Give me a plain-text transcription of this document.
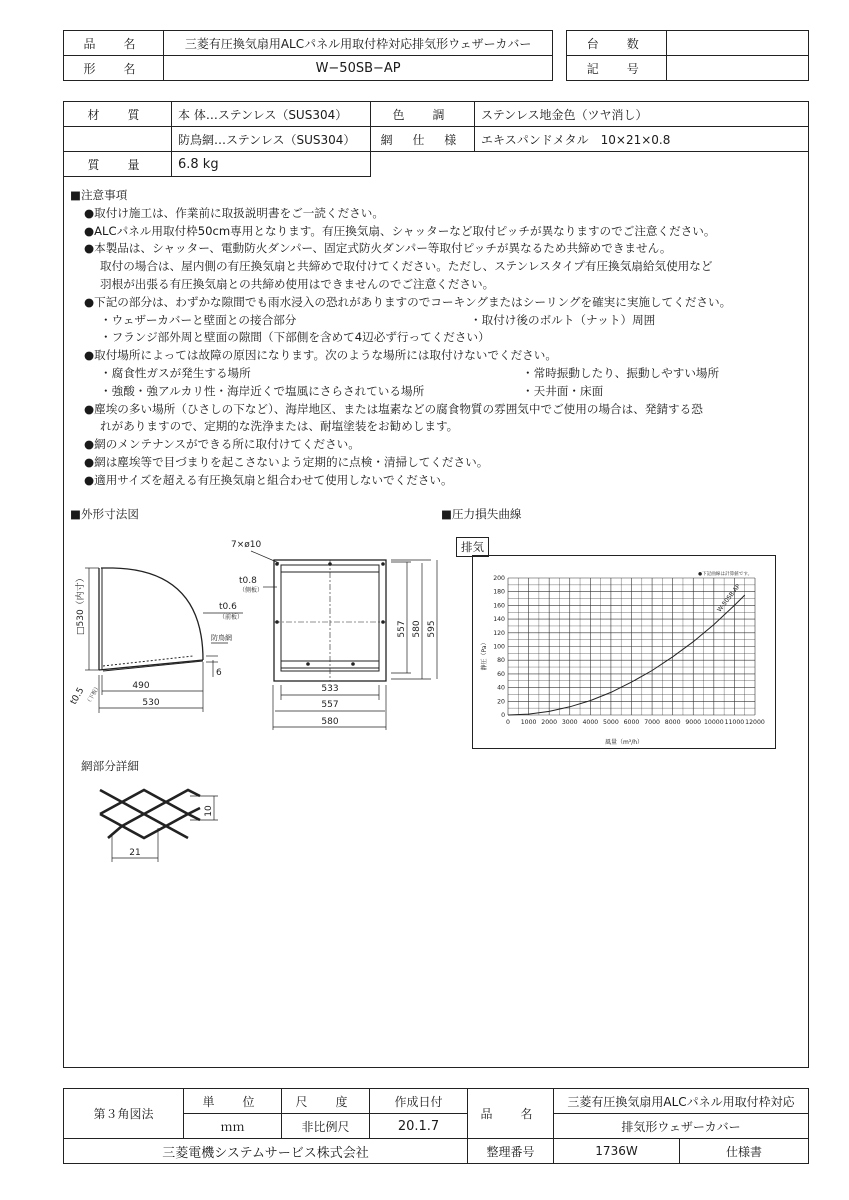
品　名	三菱有圧換気扇用ALCパネル用取付枠対応排気形ウェザーカバー		台　数	
形　名	W−50SB−AP		記　号	
材　質	本 体…ステンレス（SUS304）	色　調	ステンレス地金色（ツヤ消し）
	防鳥網…ステンレス（SUS304）	網 仕 様	エキスパンドメタル　10×21×0.8
質　量	6.8 kg		
■注意事項
●取付け施工は、作業前に取扱説明書をご一読ください。
●ALCパネル用取付枠50cm専用となります。有圧換気扇、シャッターなど取付ピッチが異なりますのでご注意ください。
●本製品は、シャッター、電動防火ダンパー、固定式防火ダンパー等取付ピッチが異なるため共締めできません。
取付の場合は、屋内側の有圧換気扇と共締めで取付けてください。ただし、ステンレスタイプ有圧換気扇給気使用など
羽根が出張る有圧換気扇との共締め使用はできませんのでご注意ください。
●下記の部分は、わずかな隙間でも雨水浸入の恐れがありますのでコーキングまたはシーリングを確実に実施してください。
・ウェザーカバーと壁面との接合部分	・取付け後のボルト（ナット）周囲
・フランジ部外周と壁面の隙間（下部側を含めて4辺必ず行ってください）
●取付場所によっては故障の原因になります。次のような場所には取付けないでください。
・腐食性ガスが発生する場所	・常時振動したり、振動しやすい場所
・強酸・強アルカリ性・海岸近くで塩風にさらされている場所	・天井面・床面
●塵埃の多い場所（ひさしの下など）、海岸地区、または塩素などの腐食物質の雰囲気中でご使用の場合は、発錆する恐
れがありますので、定期的な洗浄または、耐塩塗装をお勧めします。
●網のメンテナンスができる所に取付けてください。
●網は塵埃等で目づまりを起こさないよう定期的に点検・清掃してください。
●適用サイズを超える有圧換気扇と組合わせて使用しないでください。
■外形寸法図	■圧力損失曲線
7×ø10
t0.8
（側板）
t0.6
（前板）
防鳥網
6
490
530
533
557
580
□530（内寸）
t0.5 （下板）
557 580 595
網部分詳細
10
21
排気
0 1000 2000 3000 4000 5000 6000 7000 8000 9000 10000 11000 12000
0
20
40
60
80
100
120
140
160
180
200
W-50SB-AP
●下記曲線は計算値です。
静圧（Pa）
風量（m³/h）
第３角図法	単　位	尺　度	作成日付	品　名	三菱有圧換気扇用ALCパネル用取付枠対応	
	ｍｍ	非比例尺	20.1.7		排気形ウェザーカバー	
三菱電機システムサービス株式会社				整理番号	1736W	仕様書
